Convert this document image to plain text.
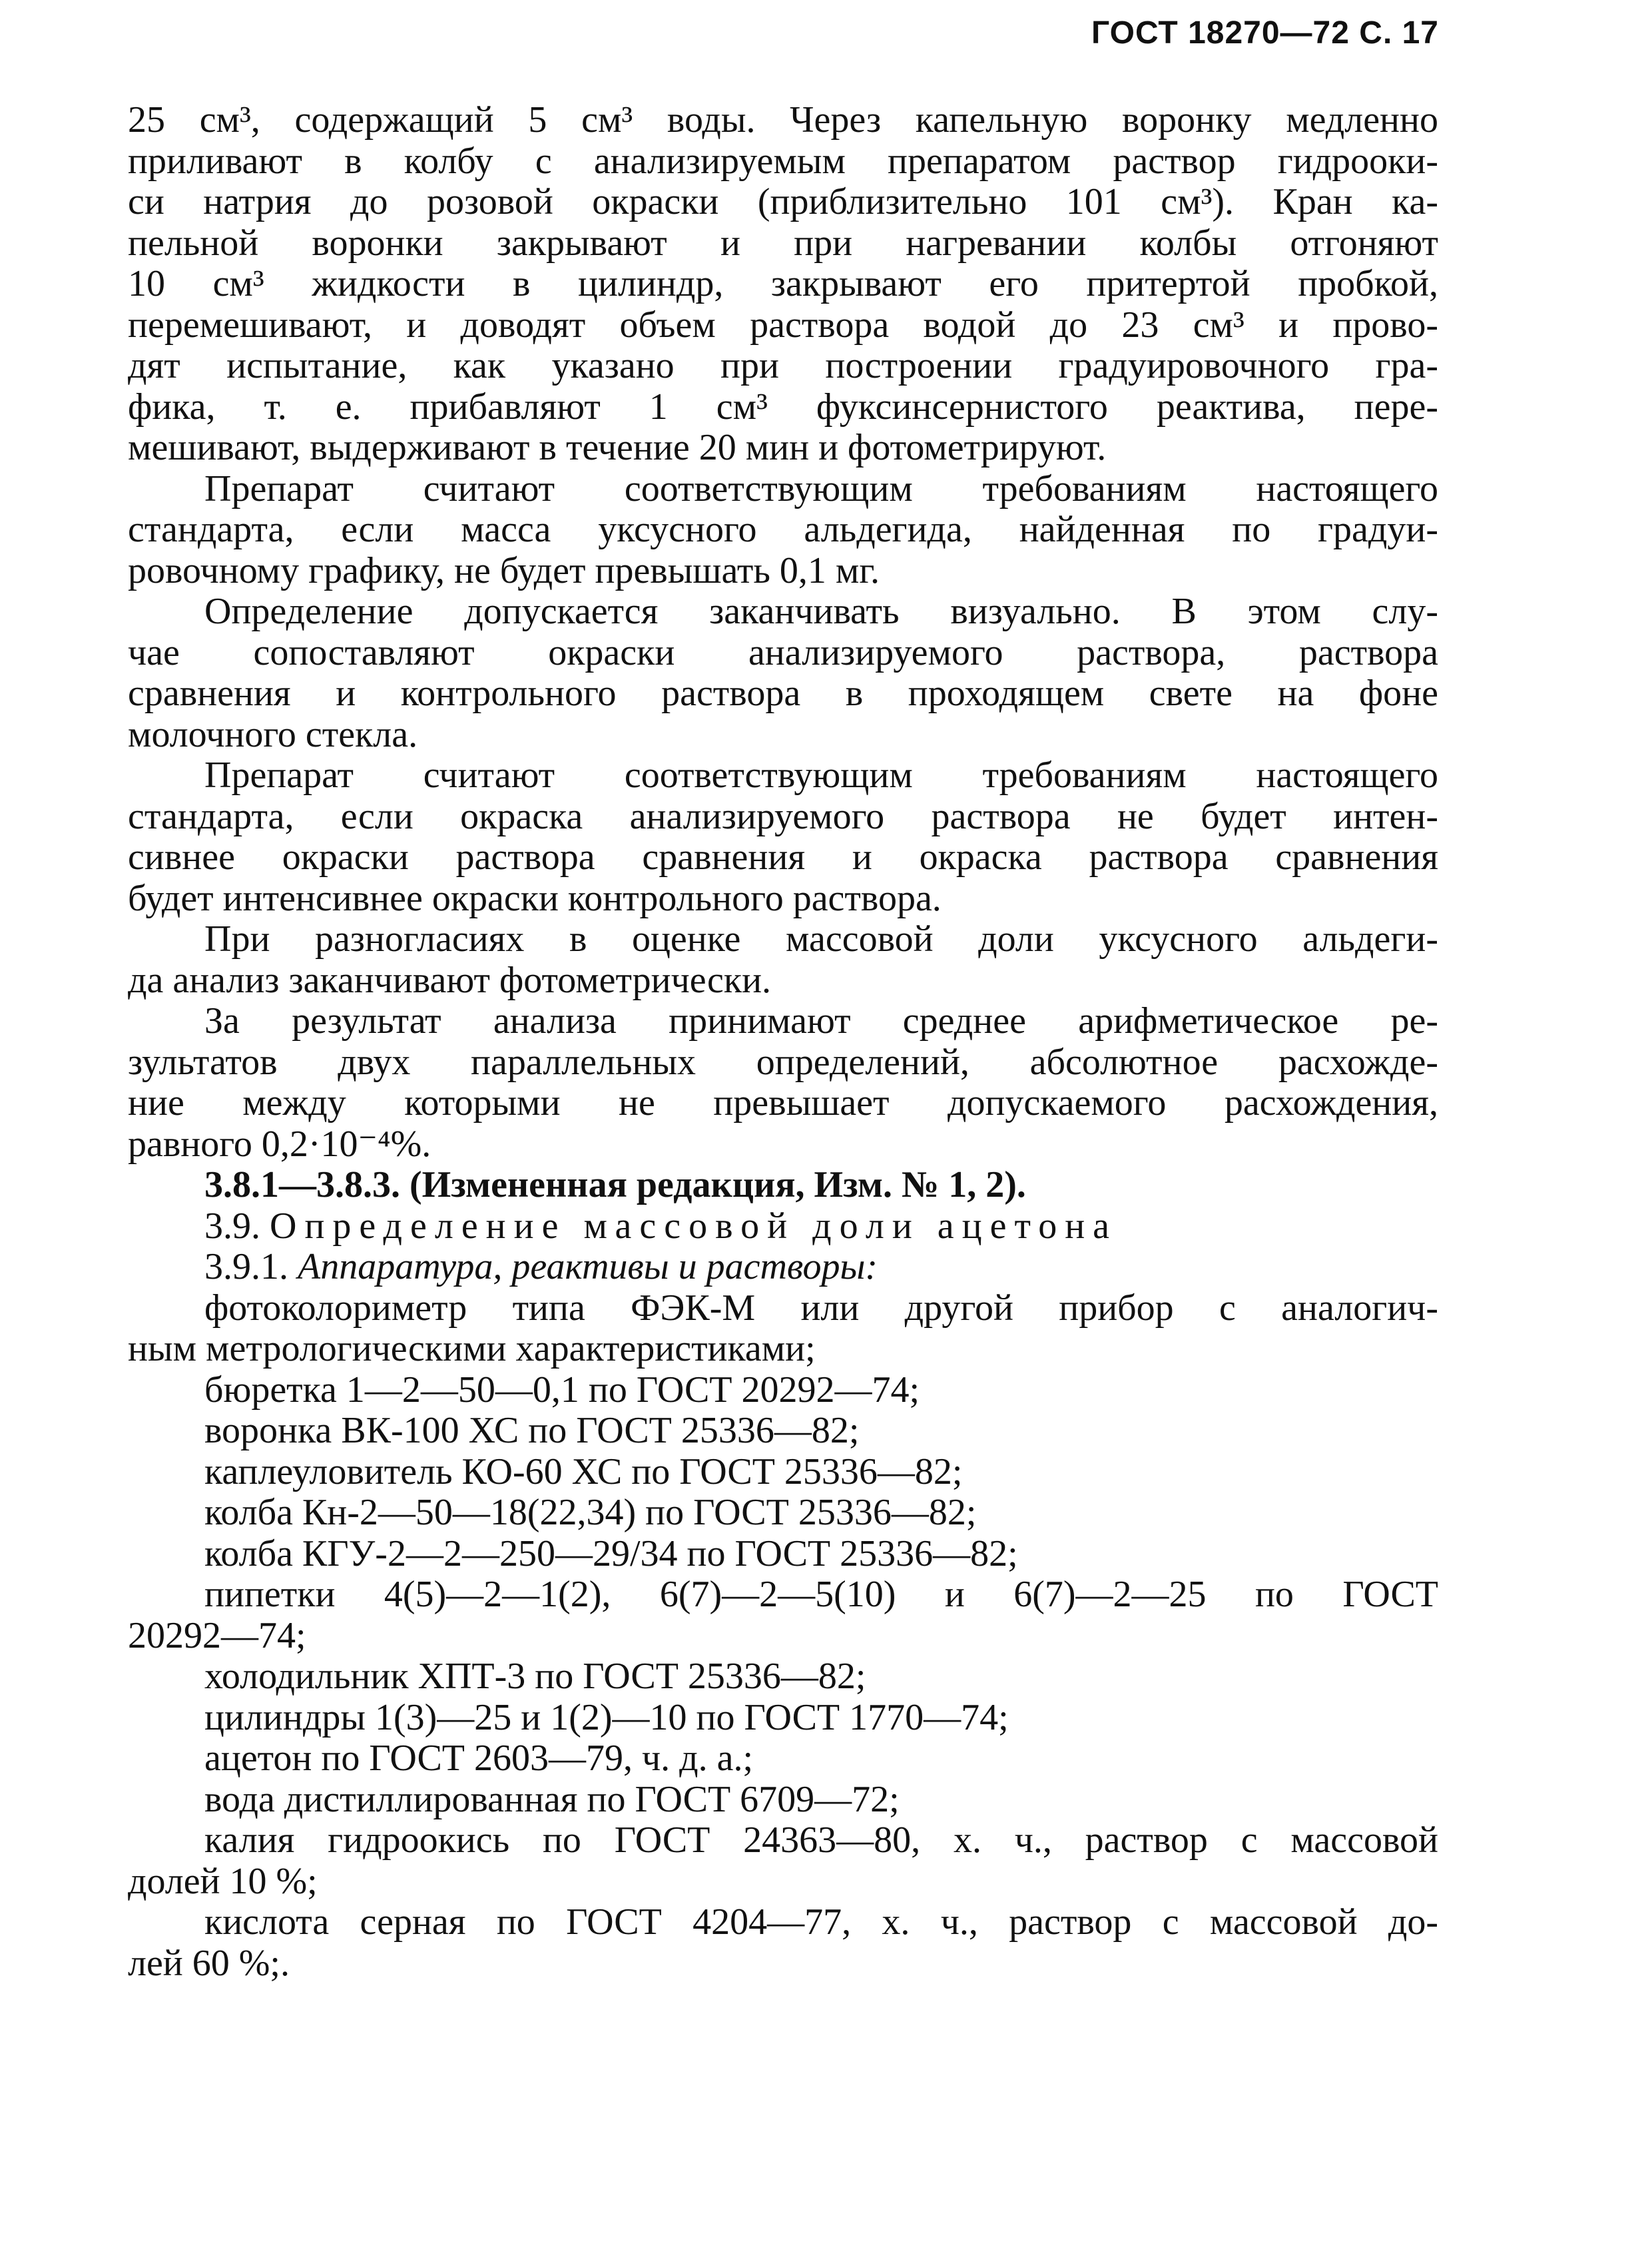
ГОСТ 18270—72 С. 17
25 см³, содержащий 5 см³ воды. Через капельную воронку медленно
приливают в колбу с анализируемым препаратом раствор гидрооки-
си натрия до розовой окраски (приблизительно 101 см³). Кран ка-
пельной воронки закрывают и при нагревании колбы отгоняют
10 см³ жидкости в цилиндр, закрывают его притертой пробкой,
перемешивают, и доводят объем раствора водой до 23 см³ и прово-
дят испытание, как указано при построении градуировочного гра-
фика, т. е. прибавляют 1 см³ фуксинсернистого реактива, пере-
мешивают, выдерживают в течение 20 мин и фотометрируют.
Препарат считают соответствующим требованиям настоящего
стандарта, если масса уксусного альдегида, найденная по градуи-
ровочному графику, не будет превышать 0,1 мг.
Определение допускается заканчивать визуально. В этом слу-
чае сопоставляют окраски анализируемого раствора, раствора
сравнения и контрольного раствора в проходящем свете на фоне
молочного стекла.
Препарат считают соответствующим требованиям настоящего
стандарта, если окраска анализируемого раствора не будет интен-
сивнее окраски раствора сравнения и окраска раствора сравнения
будет интенсивнее окраски контрольного раствора.
При разногласиях в оценке массовой доли уксусного альдеги-
да анализ заканчивают фотометрически.
За результат анализа принимают среднее арифметическое ре-
зультатов двух параллельных определений, абсолютное расхожде-
ние между которыми не превышает допускаемого расхождения,
равного 0,2·10⁻⁴%.
3.8.1—3.8.3. (Измененная редакция, Изм. № 1, 2).
3.9. Определение массовой доли ацетона
3.9.1. Аппаратура, реактивы и растворы:
фотоколориметр типа ФЭК-М или другой прибор с аналогич-
ным метрологическими характеристиками;
бюретка 1—2—50—0,1 по ГОСТ 20292—74;
воронка ВК-100 ХС по ГОСТ 25336—82;
каплеуловитель КО-60 ХС по ГОСТ 25336—82;
колба Кн-2—50—18(22,34) по ГОСТ 25336—82;
колба КГУ-2—2—250—29/34 по ГОСТ 25336—82;
пипетки 4(5)—2—1(2), 6(7)—2—5(10) и 6(7)—2—25 по ГОСТ
20292—74;
холодильник ХПТ-3 по ГОСТ 25336—82;
цилиндры 1(3)—25 и 1(2)—10 по ГОСТ 1770—74;
ацетон по ГОСТ 2603—79, ч. д. а.;
вода дистиллированная по ГОСТ 6709—72;
калия гидроокись по ГОСТ 24363—80, х. ч., раствор с массовой
долей 10 %;
кислота серная по ГОСТ 4204—77, х. ч., раствор с массовой до-
лей 60 %;.
